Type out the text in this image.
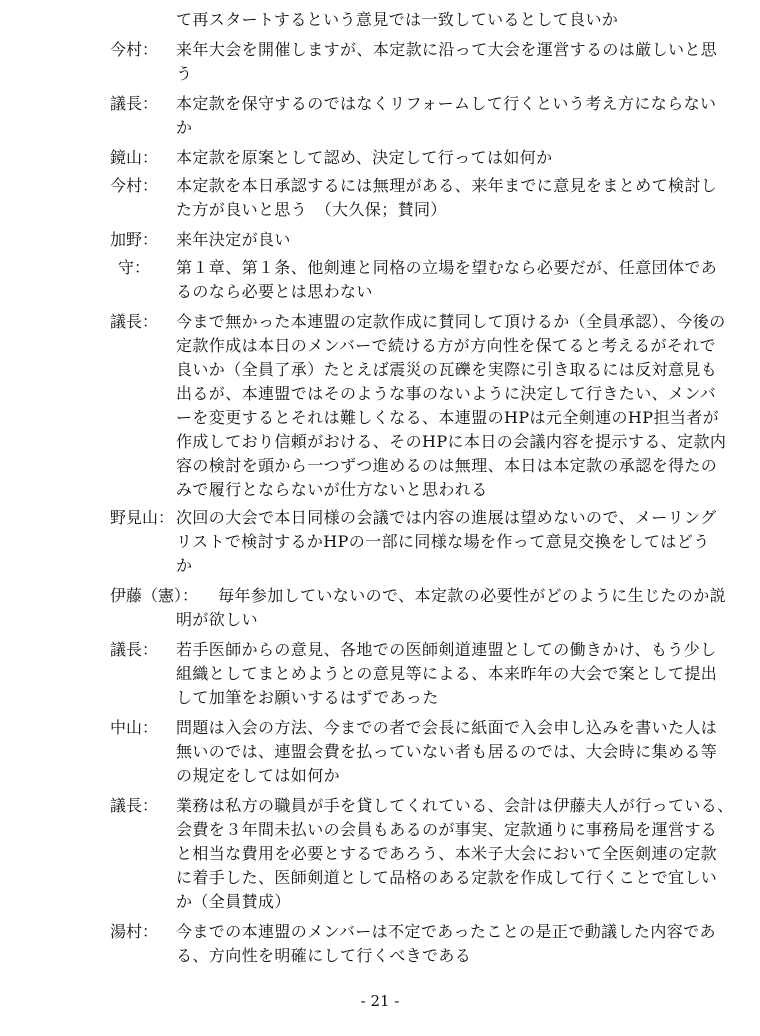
て再スタートするという意見では一致しているとして良いか
今村： 来年大会を開催しますが、本定款に沿って大会を運営するのは厳しいと思
う
議長： 本定款を保守するのではなくリフォームして行くという考え方にならない
か
鏡山： 本定款を原案として認め、決定して行っては如何か
今村： 本定款を本日承認するには無理がある、来年までに意見をまとめて検討し
た方が良いと思う　（大久保；賛同）
加野： 来年決定が良い
守： 第１章、第１条、他剣連と同格の立場を望むなら必要だが、任意団体であ
るのなら必要とは思わない
議長： 今まで無かった本連盟の定款作成に賛同して頂けるか（全員承認）、今後の
定款作成は本日のメンバーで続ける方が方向性を保てると考えるがそれで
良いか（全員了承）たとえば震災の瓦礫を実際に引き取るには反対意見も
出るが、本連盟ではそのような事のないように決定して行きたい、メンバ
ーを変更するとそれは難しくなる、本連盟のHPは元全剣連のHP担当者が
作成しており信頼がおける、そのHPに本日の会議内容を提示する、定款内
容の検討を頭から一つずつ進めるのは無理、本日は本定款の承認を得たの
みで履行とならないが仕方ないと思われる
野見山： 次回の大会で本日同様の会議では内容の進展は望めないので、メーリング
リストで検討するかHPの一部に同様な場を作って意見交換をしてはどう
か
伊藤（憲）： 毎年参加していないので、本定款の必要性がどのように生じたのか説
明が欲しい
議長： 若手医師からの意見、各地での医師剣道連盟としての働きかけ、もう少し
組織としてまとめようとの意見等による、本来昨年の大会で案として提出
して加筆をお願いするはずであった
中山： 問題は入会の方法、今までの者で会長に紙面で入会申し込みを書いた人は
無いのでは、連盟会費を払っていない者も居るのでは、大会時に集める等
の規定をしては如何か
議長： 業務は私方の職員が手を貸してくれている、会計は伊藤夫人が行っている、
会費を３年間未払いの会員もあるのが事実、定款通りに事務局を運営する
と相当な費用を必要とするであろう、本米子大会において全医剣連の定款
に着手した、医師剣道として品格のある定款を作成して行くことで宜しい
か（全員賛成）
湯村： 今までの本連盟のメンバーは不定であったことの是正で動議した内容であ
る、方向性を明確にして行くべきである
- 21 -
